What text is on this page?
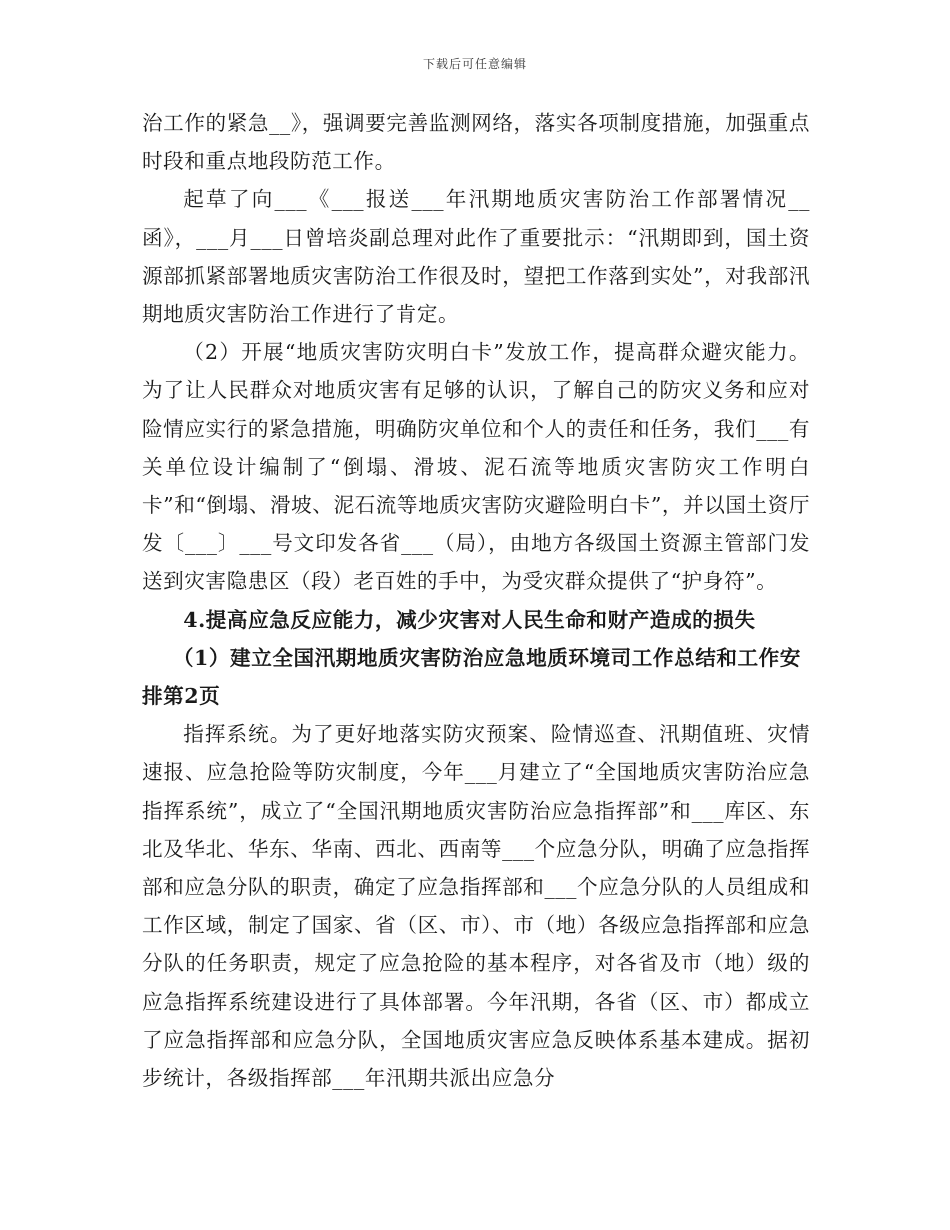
下载后可任意编辑

治工作的紧急__》，强调要完善监测网络，落实各项制度措施，加强重点时段和重点地段防范工作。

起草了向___《___报送___年汛期地质灾害防治工作部署情况__函》，___月___日曾培炎副总理对此作了重要批示：“汛期即到，国土资源部抓紧部署地质灾害防治工作很及时，望把工作落到实处”，对我部汛期地质灾害防治工作进行了肯定。

（2）开展“地质灾害防灾明白卡”发放工作，提高群众避灾能力。为了让人民群众对地质灾害有足够的认识，了解自己的防灾义务和应对险情应实行的紧急措施，明确防灾单位和个人的责任和任务，我们___有关单位设计编制了“倒塌、滑坡、泥石流等地质灾害防灾工作明白卡”和“倒塌、滑坡、泥石流等地质灾害防灾避险明白卡”，并以国土资厅发〔___〕___号文印发各省___（局），由地方各级国土资源主管部门发送到灾害隐患区（段）老百姓的手中，为受灾群众提供了“护身符”。

4.提高应急反应能力，减少灾害对人民生命和财产造成的损失

（1）建立全国汛期地质灾害防治应急地质环境司工作总结和工作安排第2页

指挥系统。为了更好地落实防灾预案、险情巡查、汛期值班、灾情速报、应急抢险等防灾制度，今年___月建立了“全国地质灾害防治应急指挥系统”，成立了“全国汛期地质灾害防治应急指挥部”和___库区、东北及华北、华东、华南、西北、西南等___个应急分队，明确了应急指挥部和应急分队的职责，确定了应急指挥部和___个应急分队的人员组成和工作区域，制定了国家、省（区、市）、市（地）各级应急指挥部和应急分队的任务职责，规定了应急抢险的基本程序，对各省及市（地）级的应急指挥系统建设进行了具体部署。今年汛期，各省（区、市）都成立了应急指挥部和应急分队，全国地质灾害应急反映体系基本建成。据初步统计，各级指挥部___年汛期共派出应急分
